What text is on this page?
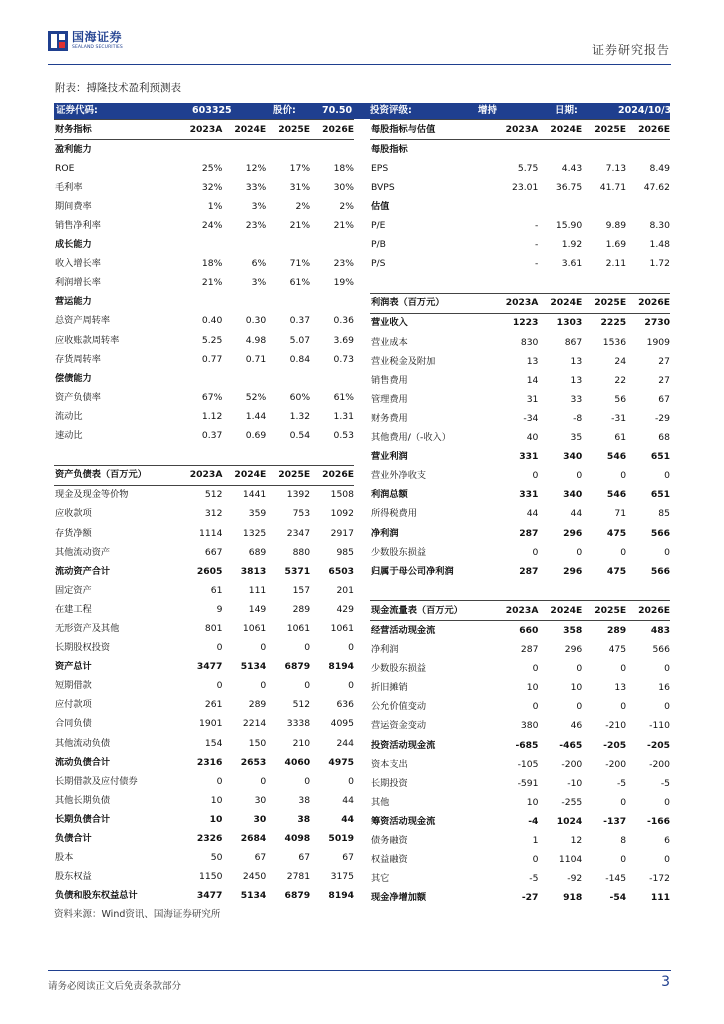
国海证券
SEALAND SECURITIES	证券研究报告
附表：搏隆技术盈利预测表
证券代码:	603325	股价:	70.50 投资评级:	增持	日期:	2024/10/30
财务指标	2023A	2024E	2025E	2026E
盈利能力				
ROE	25%	12%	17%	18%
毛利率	32%	33%	31%	30%
期间费率	1%	3%	2%	2%
销售净利率	24%	23%	21%	21%
成长能力				
收入增长率	18%	6%	71%	23%
利润增长率	21%	3%	61%	19%
营运能力				
总资产周转率	0.40	0.30	0.37	0.36
应收账款周转率	5.25	4.98	5.07	3.69
存货周转率	0.77	0.71	0.84	0.73
偿债能力				
资产负债率	67%	52%	60%	61%
流动比	1.12	1.44	1.32	1.31
速动比	0.37	0.69	0.54	0.53

资产负债表（百万元）	2023A	2024E	2025E	2026E
现金及现金等价物	512	1441	1392	1508
应收款项	312	359	753	1092
存货净额	1114	1325	2347	2917
其他流动资产	667	689	880	985
流动资产合计	2605	3813	5371	6503
固定资产	61	111	157	201
在建工程	9	149	289	429
无形资产及其他	801	1061	1061	1061
长期股权投资	0	0	0	0
资产总计	3477	5134	6879	8194
短期借款	0	0	0	0
应付款项	261	289	512	636
合同负债	1901	2214	3338	4095
其他流动负债	154	150	210	244
流动负债合计	2316	2653	4060	4975
长期借款及应付债券	0	0	0	0
其他长期负债	10	30	38	44
长期负债合计	10	30	38	44
负债合计	2326	2684	4098	5019
股本	50	67	67	67
股东权益	1150	2450	2781	3175
负债和股东权益总计	3477	5134	6879	8194
每股指标与估值	2023A	2024E	2025E	2026E
每股指标				
EPS	5.75	4.43	7.13	8.49
BVPS	23.01	36.75	41.71	47.62
估值				
P/E	-	15.90	9.89	8.30
P/B	-	1.92	1.69	1.48
P/S	-	3.61	2.11	1.72

利润表（百万元）	2023A	2024E	2025E	2026E
营业收入	1223	1303	2225	2730
营业成本	830	867	1536	1909
营业税金及附加	13	13	24	27
销售费用	14	13	22	27
管理费用	31	33	56	67
财务费用	-34	-8	-31	-29
其他费用/（-收入）	40	35	61	68
营业利润	331	340	546	651
营业外净收支	0	0	0	0
利润总额	331	340	546	651
所得税费用	44	44	71	85
净利润	287	296	475	566
少数股东损益	0	0	0	0
归属于母公司净利润	287	296	475	566

现金流量表（百万元）	2023A	2024E	2025E	2026E
经营活动现金流	660	358	289	483
净利润	287	296	475	566
少数股东损益	0	0	0	0
折旧摊销	10	10	13	16
公允价值变动	0	0	0	0
营运资金变动	380	46	-210	-110
投资活动现金流	-685	-465	-205	-205
资本支出	-105	-200	-200	-200
长期投资	-591	-10	-5	-5
其他	10	-255	0	0
筹资活动现金流	-4	1024	-137	-166
债务融资	1	12	8	6
权益融资	0	1104	0	0
其它	-5	-92	-145	-172
现金净增加额	-27	918	-54	111
资料来源：Wind资讯、国海证券研究所
请务必阅读正文后免责条款部分	3
